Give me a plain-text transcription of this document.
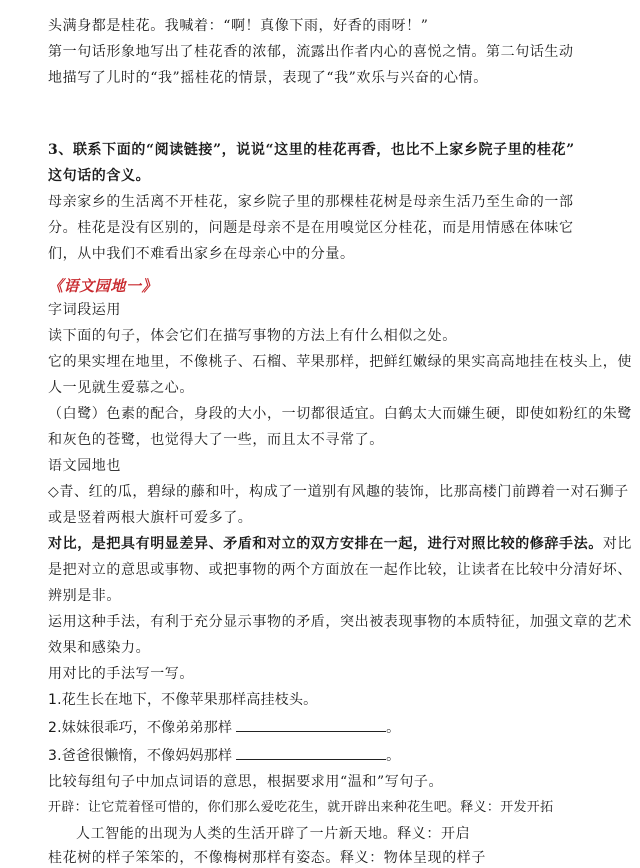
头满身都是桂花。我喊着：“啊！真像下雨，好香的雨呀！”
第一句话形象地写出了桂花香的浓郁，流露出作者内心的喜悦之情。第二句话生动
地描写了儿时的“我”摇桂花的情景，表现了“我”欢乐与兴奋的心情。
3、联系下面的“阅读链接”，说说“这里的桂花再香，也比不上家乡院子里的桂花”
这句话的含义。
母亲家乡的生活离不开桂花，家乡院子里的那棵桂花树是母亲生活乃至生命的一部
分。桂花是没有区别的，问题是母亲不是在用嗅觉区分桂花，而是用情感在体味它
们，从中我们不难看出家乡在母亲心中的分量。
《语文园地一》
字词段运用
读下面的句子，体会它们在描写事物的方法上有什么相似之处。
它的果实埋在地里，不像桃子、石榴、苹果那样，把鲜红嫩绿的果实高高地挂在枝头上，使
人一见就生爱慕之心。
（白鹭）色素的配合，身段的大小，一切都很适宜。白鹤太大而嫌生硬，即使如粉红的朱鹭
和灰色的苍鹭，也觉得大了一些，而且太不寻常了。
语文园地也
◇青、红的瓜，碧绿的藤和叶，构成了一道别有风趣的装饰，比那高楼门前蹲着一对石狮子
或是竖着两根大旗杆可爱多了。
对比，是把具有明显差异、矛盾和对立的双方安排在一起，进行对照比较的修辞手法。对比
是把对立的意思或事物、或把事物的两个方面放在一起作比较，让读者在比较中分清好坏、
辨别是非。
运用这种手法，有利于充分显示事物的矛盾，突出被表现事物的本质特征，加强文章的艺术
效果和感染力。
用对比的手法写一写。
1.花生长在地下，不像苹果那样高挂枝头。
2.妹妹很乖巧，不像弟弟那样	。
3.爸爸很懒惰，不像妈妈那样	。
比较每组句子中加点词语的意思，根据要求用“温和”写句子。
开辟：让它荒着怪可惜的，你们那么爱吃花生，就开辟出来种花生吧。释义：开发开拓
人工智能的出现为人类的生活开辟了一片新天地。释义：开启
桂花树的样子笨笨的，不像梅树那样有姿态。释义：物体呈现的样子
